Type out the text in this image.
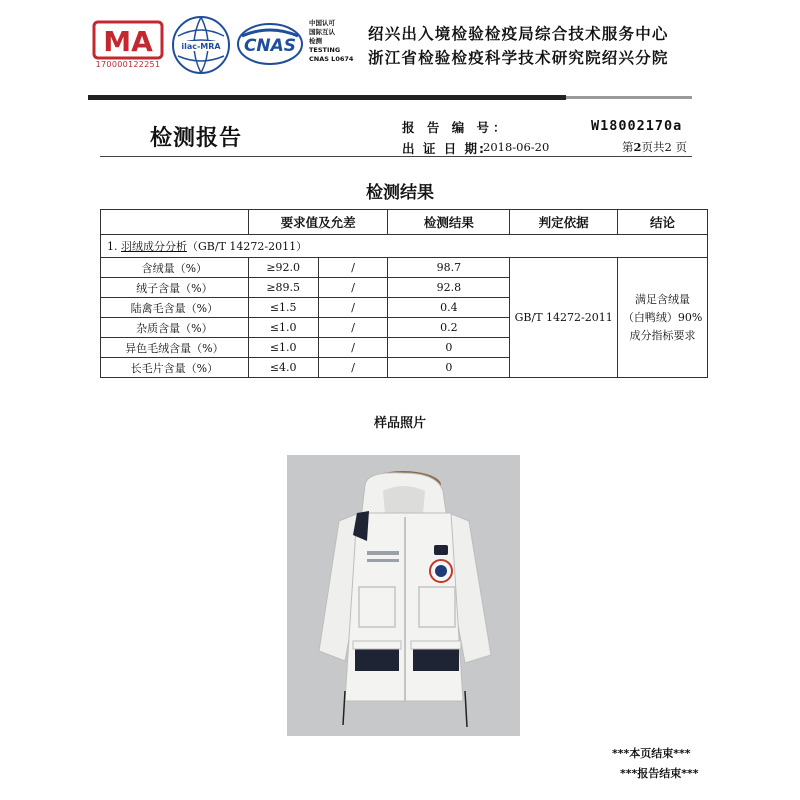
MA
170000122251
ilac-MRA CNAS
中国认可
国际互认
检测
TESTING
CNAS L0674
绍兴出入境检验检疫局综合技术服务中心
浙江省检验检疫科学技术研究院绍兴分院
检测报告	报 告 编 号：	W18002170a
出 证 日 期:
2018-06-20	第2页共2 页
检测结果
	要求值及允差		检测结果	判定依据	结论
1. 羽绒成分分析（GB/T 14272-2011）					
含绒量（%）	≥92.0	/	98.7	GB/T 14272-2011	满足含绒量
（白鸭绒）90%
成分指标要求

绒子含量（%）	≥89.5	/	92.8		
陆禽毛含量（%）	≤1.5	/	0.4		
杂质含量（%）	≤1.0	/	0.2		
异色毛绒含量（%）	≤1.0	/	0		
长毛片含量（%）	≤4.0	/	0		
样品照片
***本页结束***
***报告结束***
